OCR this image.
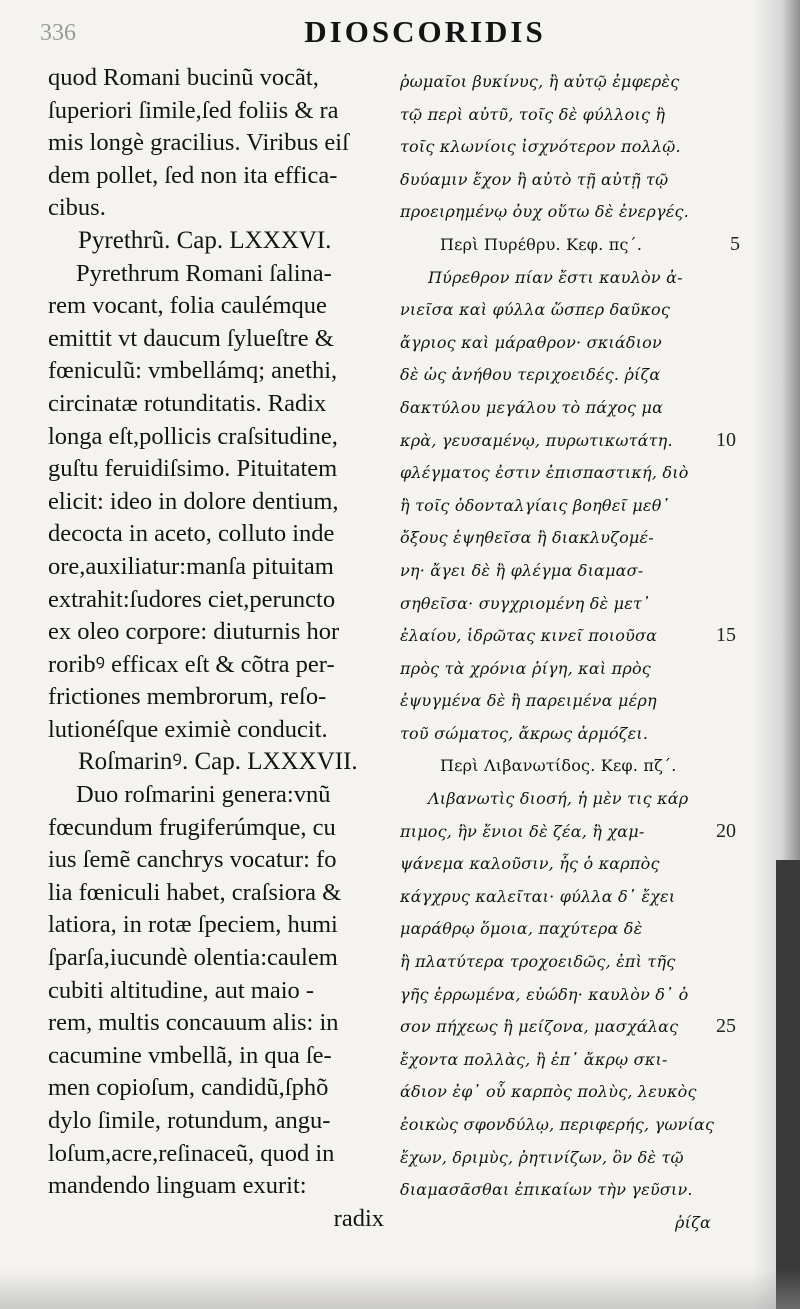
336	DIOSCORIDIS
quod Romani bucinũ vocãt,
ſuperiori ſimile,ſed foliis & ra
mis longè gracilius. Viribus eiſ
dem pollet, ſed non ita effica-
cibus.
Pyrethrũ. Cap. LXXXVI.
Pyrethrum Romani ſalina-
rem vocant, folia caulémque
emittit vt daucum ſylueſtre &
fœniculũ: vmbellámq; anethi,
circinatæ rotunditatis. Radix
longa eſt,pollicis craſsitudine,
guſtu feruidiſsimo. Pituitatem
elicit: ideo in dolore dentium,
decocta in aceto, colluto inde
ore,auxiliatur:manſa pituitam
extrahit:ſudores ciet,perunctо
ex oleo corpore: diuturnis hor
roribꝰ efficax eſt & cõtra per-
frictiones membrorum, reſo-
lutionéſque eximiè conducit.
Roſmarinꝰ. Cap. LXXXVII.
Duo roſmarini genera:vnũ
fœcundum frugiferúmque, cu
ius ſemẽ canchrys vocatur: fo
lia fœniculi habet, craſsiora &
latiora, in rotæ ſpeciem, humi
ſparſa,iucundè olentia:caulem
cubiti altitudine, aut maio -
rem, multis concauum alis: in
cacumine vmbellã, in qua ſe-
men copioſum, candidũ,ſphõ
dylo ſimile, rotundum, angu-
loſum,acre,reſinaceũ, quod in
mandendo linguam exurit:
radix
ῥωμαῖοι βυκίνυς, ἢ αὐτῷ ἐμφερὲς
τῷ περὶ αὐτῦ, τοῖς δὲ φύλλοις ἢ
τοῖς κλωνίοις ἰσχνότερον πολλῷ.
δυύαμιν ἔχον ἢ αὐτὸ τῇ αὐτῇ τῷ
προειρημένῳ ὀυχ οὕτω δὲ ἐνεργές.
Περὶ Πυρέθρυ. Κεφ. πς΄.
Πύρεθρον πίαν ἔστι καυλὸν ἀ-
νιεῖσα καὶ φύλλα ὥσπερ δαῦκος
ἄγριος καὶ μάραθρον· σκιάδιον
δὲ ὡς ἀνήθου τεριχοειδές. ῥίζα
δακτύλου μεγάλου τὸ πάχος μα
κρὰ, γευσαμένῳ, πυρωτικωτάτη.
φλέγματος ἐστιν ἐπισπαστική, διὸ
ἢ τοῖς ὀδονταλγίαις βοηθεῖ μεθ᾽
ὄξους ἑψηθεῖσα ἢ διακλυζομέ-
νη· ἄγει δὲ ἢ φλέγμα διαμασ-
σηθεῖσα· συγχριομένη δὲ μετ᾽
ἐλαίου, ἱδρῶτας κινεῖ ποιοῦσα
πρὸς τὰ χρόνια ῥίγη, καὶ πρὸς
ἐψυγμένα δὲ ἢ παρειμένα μέρη
τοῦ σώματος, ἄκρως ἁρμόζει.
Περὶ Λιβανωτίδος. Κεφ. πζ΄.
Λιβανωτὶς διοσή, ἡ μὲν τις κάρ
πιμος, ἣν ἔνιοι δὲ ζέα, ἢ χαμ-
ψάνεμα καλοῦσιν, ἧς ὁ καρπὸς
κάγχρυς καλεῖται· φύλλα δ᾽ ἔχει
μαράθρῳ ὅμοια, παχύτερα δὲ
ἢ πλατύτερα τροχοειδῶς, ἐπὶ τῆς
γῆς ἐρρωμένα, εὐώδη· καυλὸν δ᾽ ὁ
σον πήχεως ἢ μείζονα, μασχάλας
ἔχοντα πολλὰς, ἢ ἐπ᾽ ἄκρῳ σκι-
άδιον ἐφ᾽ οὗ καρπὸς πολὺς, λευκὸς
ἐοικὼς σφονδύλῳ, περιφερής, γωνίας
ἔχων, δριμὺς, ῥητινίζων, ὃν δὲ τῷ
διαμασᾶσθαι ἐπικαίων τὴν γεῦσιν.
ῥίζα
5
10
15
20
25
